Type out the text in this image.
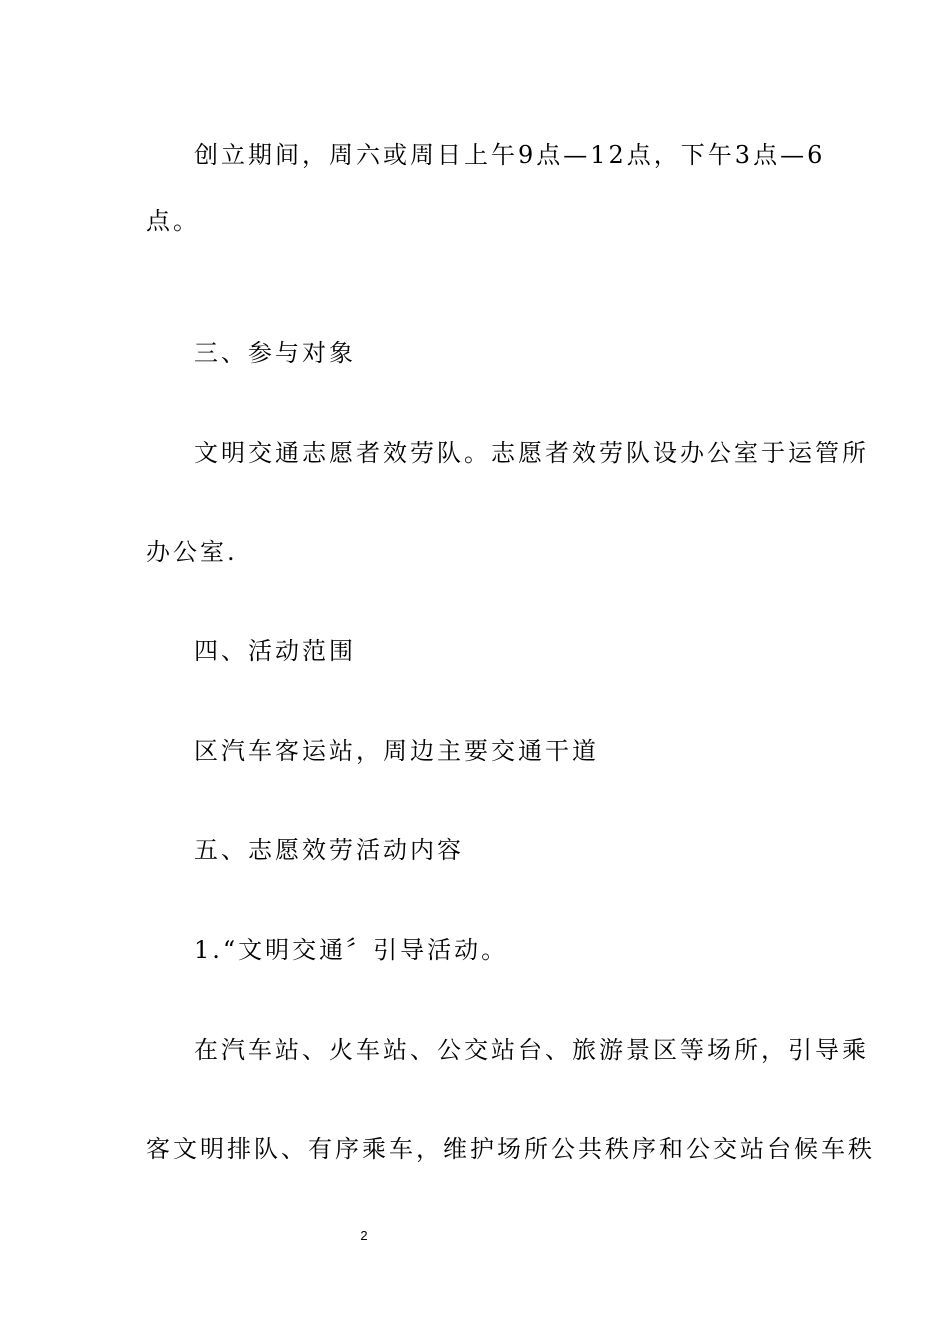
创立期间，周六或周日上午9点—12点，下午3点—6
点。
三、参与对象
文明交通志愿者效劳队。志愿者效劳队设办公室于运管所
办公室.
四、活动范围
区汽车客运站，周边主要交通干道
五、志愿效劳活动内容
1.“文明交通〞引导活动。
在汽车站、火车站、公交站台、旅游景区等场所，引导乘
客文明排队、有序乘车，维护场所公共秩序和公交站台候车秩
2
